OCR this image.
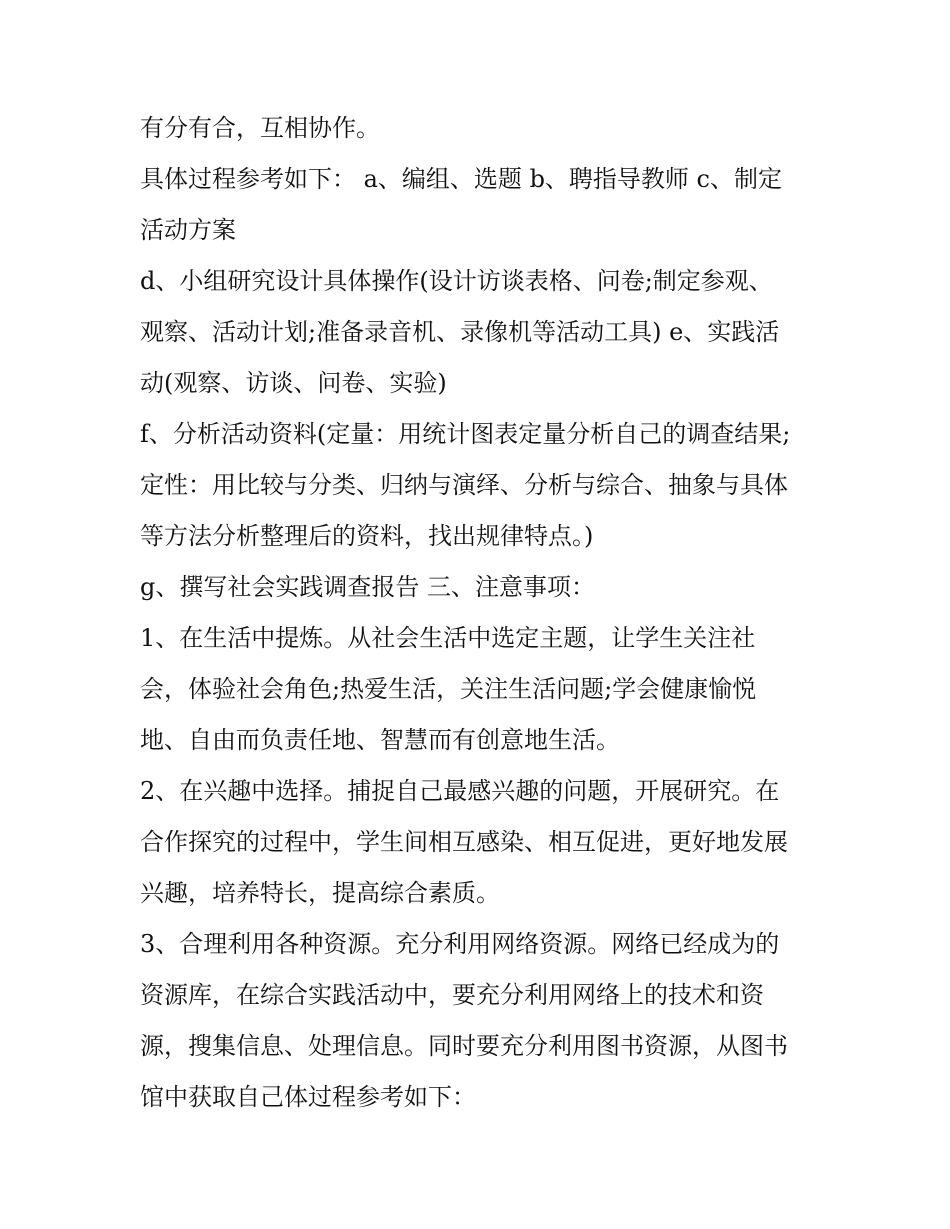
有分有合，互相协作。
具体过程参考如下： a、编组、选题 b、聘指导教师 c、制定
活动方案
d、小组研究设计具体操作(设计访谈表格、问卷;制定参观、
观察、活动计划;准备录音机、录像机等活动工具) e、实践活
动(观察、访谈、问卷、实验)
f、分析活动资料(定量：用统计图表定量分析自己的调查结果;
定性：用比较与分类、归纳与演绎、分析与综合、抽象与具体
等方法分析整理后的资料，找出规律特点。)
g、撰写社会实践调查报告 三、注意事项：
1、在生活中提炼。从社会生活中选定主题，让学生关注社
会，体验社会角色;热爱生活，关注生活问题;学会健康愉悦
地、自由而负责任地、智慧而有创意地生活。
2、在兴趣中选择。捕捉自己最感兴趣的问题，开展研究。在
合作探究的过程中，学生间相互感染、相互促进，更好地发展
兴趣，培养特长，提高综合素质。
3、合理利用各种资源。充分利用网络资源。网络已经成为的
资源库，在综合实践活动中，要充分利用网络上的技术和资
源，搜集信息、处理信息。同时要充分利用图书资源，从图书
馆中获取自己体过程参考如下：
